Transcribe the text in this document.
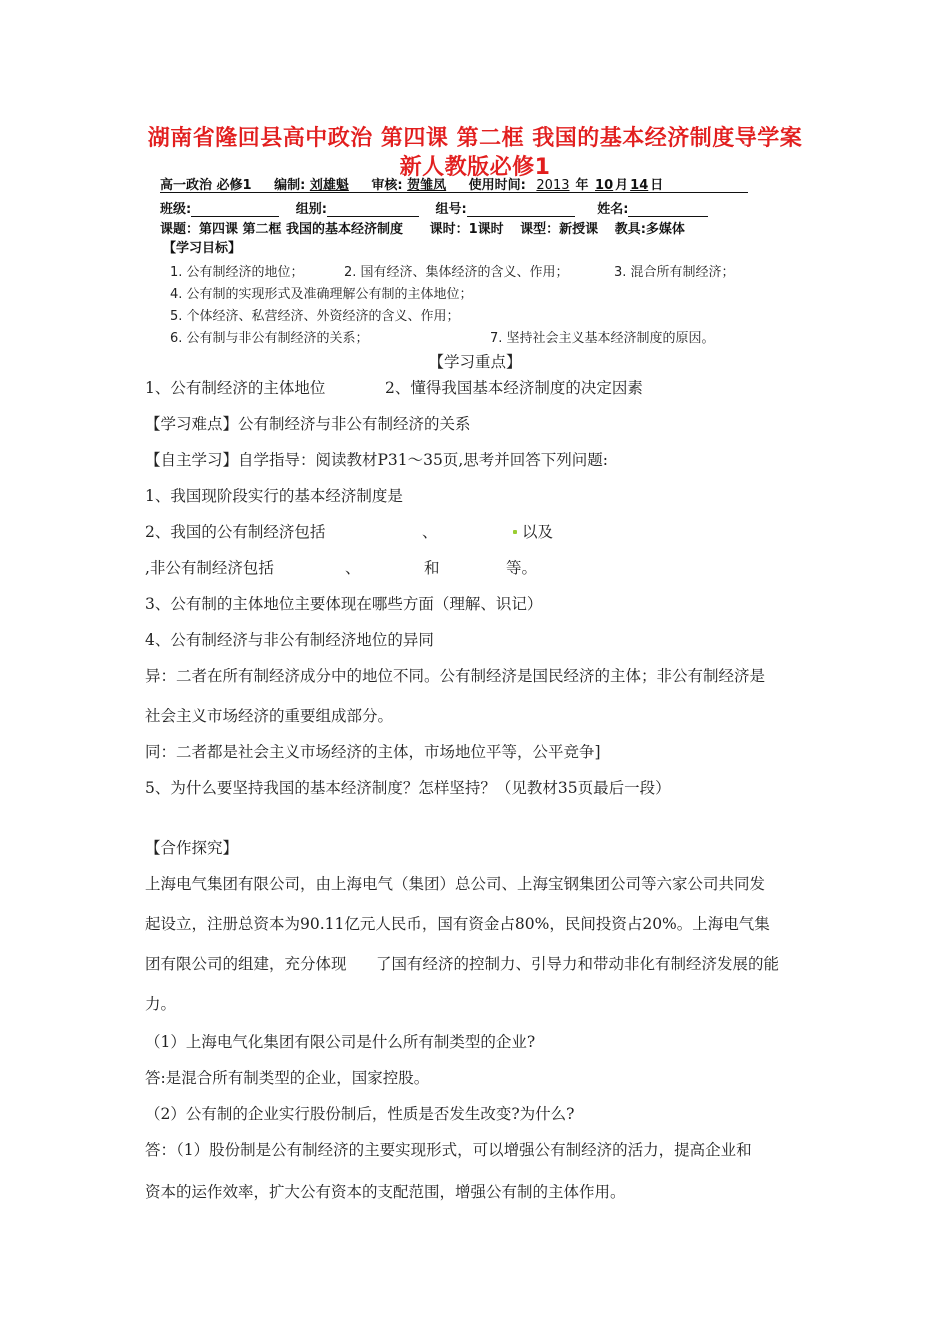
湖南省隆回县高中政治 第四课 第二框 我国的基本经济制度导学案
新人教版必修1
高一政治 必修1 编制: 刘雄魁 审核: 贺雏凤 使用时间: 2013 年 10 月 14 日
班级:	组别:	组号:	姓名:
课题：第四课 第二框 我国的基本经济制度 课时：1课时 课型：新授课 教具:多媒体
【学习目标】
1. 公有制经济的地位；	2. 国有经济、集体经济的含义、作用；	3. 混合所有制经济；
4. 公有制的实现形式及准确理解公有制的主体地位；
5. 个体经济、私营经济、外资经济的含义、作用；
6. 公有制与非公有制经济的关系；	7. 坚持社会主义基本经济制度的原因。
【学习重点】
1、公有制经济的主体地位	2、懂得我国基本经济制度的决定因素
【学习难点】公有制经济与非公有制经济的关系
【自主学习】自学指导：阅读教材P31～35页,思考并回答下列问题:
1、我国现阶段实行的基本经济制度是
2、我国的公有制经济包括	、	以及
,非公有制经济包括	、	和	等。
3、公有制的主体地位主要体现在哪些方面（理解、识记）
4、公有制经济与非公有制经济地位的异同
异：二者在所有制经济成分中的地位不同。公有制经济是国民经济的主体；非公有制经济是
社会主义市场经济的重要组成部分。
同：二者都是社会主义市场经济的主体，市场地位平等，公平竞争]
5、为什么要坚持我国的基本经济制度？怎样坚持？（见教材35页最后一段）
【合作探究】
上海电气集团有限公司，由上海电气（集团）总公司、上海宝钢集团公司等六家公司共同发
起设立，注册总资本为90.11亿元人民币，国有资金占80%，民间投资占20%。上海电气集
团有限公司的组建，充分体现 了国有经济的控制力、引导力和带动非化有制经济发展的能
力。
（1）上海电气化集团有限公司是什么所有制类型的企业?
答:是混合所有制类型的企业，国家控股。
（2）公有制的企业实行股份制后，性质是否发生改变?为什么?
答：（1）股份制是公有制经济的主要实现形式，可以增强公有制经济的活力，提高企业和
资本的运作效率，扩大公有资本的支配范围，增强公有制的主体作用。
